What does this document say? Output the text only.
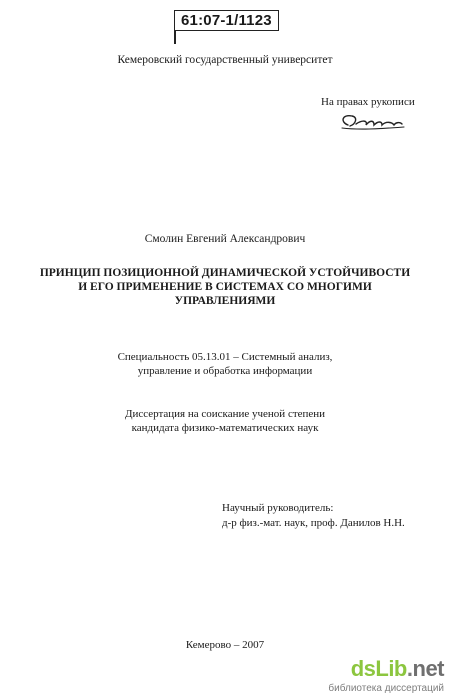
61:07-1/1123
Кемеровский государственный университет
На правах рукописи
Смолин Евгений Александрович
ПРИНЦИП ПОЗИЦИОННОЙ ДИНАМИЧЕСКОЙ УСТОЙЧИВОСТИ
И ЕГО ПРИМЕНЕНИЕ В СИСТЕМАХ СО МНОГИМИ
УПРАВЛЕНИЯМИ
Специальность 05.13.01 – Системный анализ,
управление и обработка информации
Диссертация на соискание ученой степени
кандидата физико-математических наук
Научный руководитель:
д-р физ.-мат. наук, проф. Данилов Н.Н.
Кемерово – 2007
dsLib.net
библиотека диссертаций
